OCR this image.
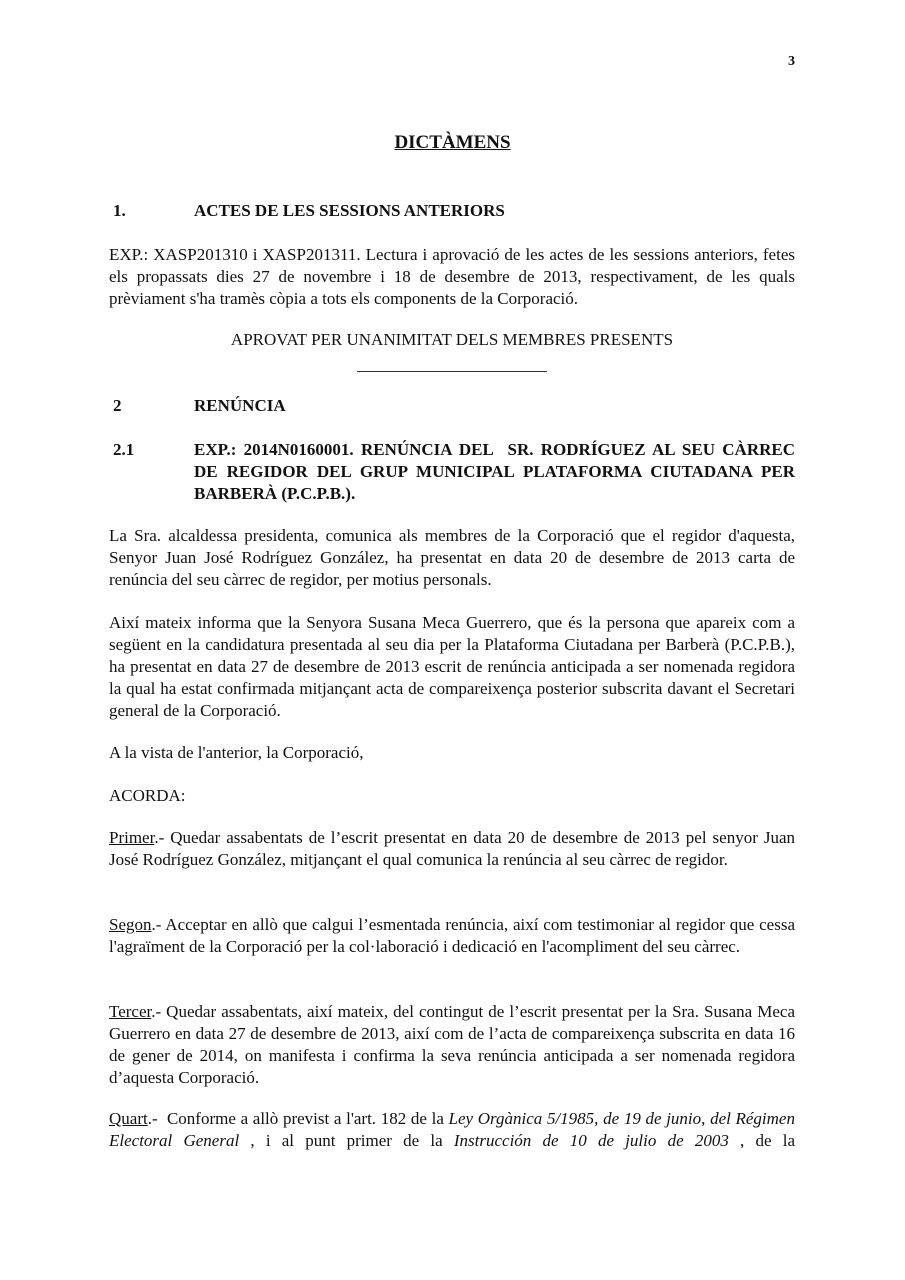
3
DICTÀMENS
1.	ACTES DE LES SESSIONS ANTERIORS
EXP.: XASP201310 i XASP201311. Lectura i aprovació de les actes de les sessions anteriors, fetes els propassats dies 27 de novembre i 18 de desembre de 2013, respectivament, de les quals prèviament s'ha tramès còpia a tots els components de la Corporació.
APROVAT PER UNANIMITAT DELS MEMBRES PRESENTS
2	RENÚNCIA
2.1	EXP.: 2014N0160001. RENÚNCIA DEL  SR. RODRÍGUEZ AL SEU CÀRREC DE REGIDOR DEL GRUP MUNICIPAL PLATAFORMA CIUTADANA PER BARBERÀ (P.C.P.B.).
La Sra. alcaldessa presidenta, comunica als membres de la Corporació que el regidor d'aquesta, Senyor Juan José Rodríguez González, ha presentat en data 20 de desembre de 2013 carta de renúncia del seu càrrec de regidor, per motius personals.
Així mateix informa que la Senyora Susana Meca Guerrero, que és la persona que apareix com a següent en la candidatura presentada al seu dia per la Plataforma Ciutadana per Barberà (P.C.P.B.), ha presentat en data 27 de desembre de 2013 escrit de renúncia anticipada a ser nomenada regidora la qual ha estat confirmada mitjançant acta de compareixença posterior subscrita davant el Secretari general de la Corporació.
A la vista de l'anterior, la Corporació,
ACORDA:
Primer.- Quedar assabentats de l’escrit presentat en data 20 de desembre de 2013 pel senyor Juan José Rodríguez González, mitjançant el qual comunica la renúncia al seu càrrec de regidor.
Segon.- Acceptar en allò que calgui l’esmentada renúncia, així com testimoniar al regidor que cessa l'agraïment de la Corporació per la col·laboració i dedicació en l'acompliment del seu càrrec.
Tercer.- Quedar assabentats, així mateix, del contingut de l’escrit presentat per la Sra. Susana Meca Guerrero en data 27 de desembre de 2013, així com de l’acta de compareixença subscrita en data 16 de gener de 2014, on manifesta i confirma la seva renúncia anticipada a ser nomenada regidora d’aquesta Corporació.
Quart.-  Conforme a allò previst a l'art. 182 de la Ley Orgànica 5/1985, de 19 de junio, del Régimen Electoral General , i al punt primer de la Instrucción de 10 de julio de 2003 , de la
